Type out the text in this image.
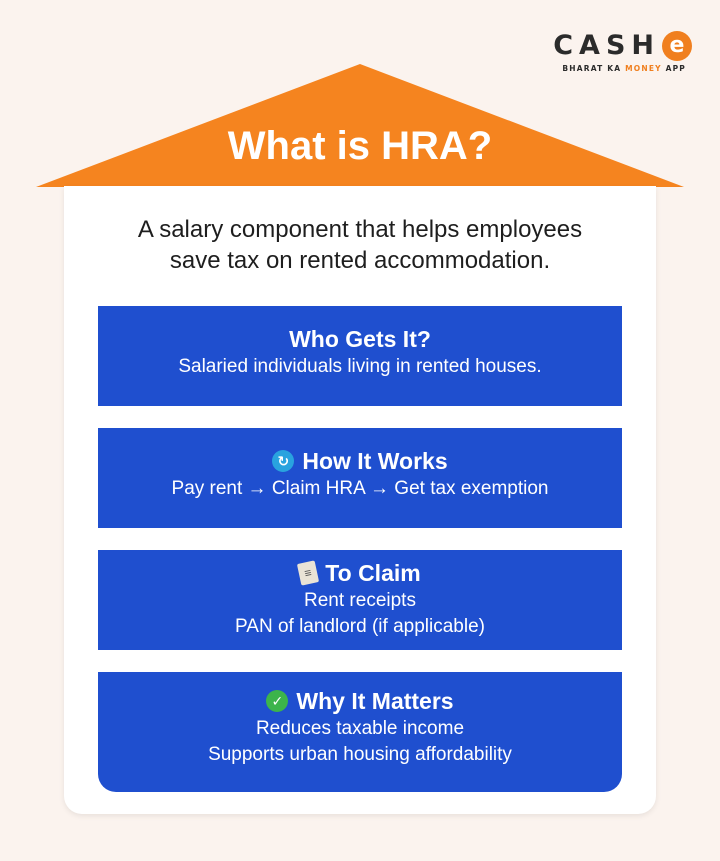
CASH e
BHARAT KA MONEY APP
What is HRA?
A salary component that helps employees
save tax on rented accommodation.
Who Gets It?
Salaried individuals living in rented houses.
↻ How It Works
Pay rent → Claim HRA → Get tax exemption
≡ To Claim
Rent receipts
PAN of landlord (if applicable)
✓ Why It Matters
Reduces taxable income
Supports urban housing affordability
